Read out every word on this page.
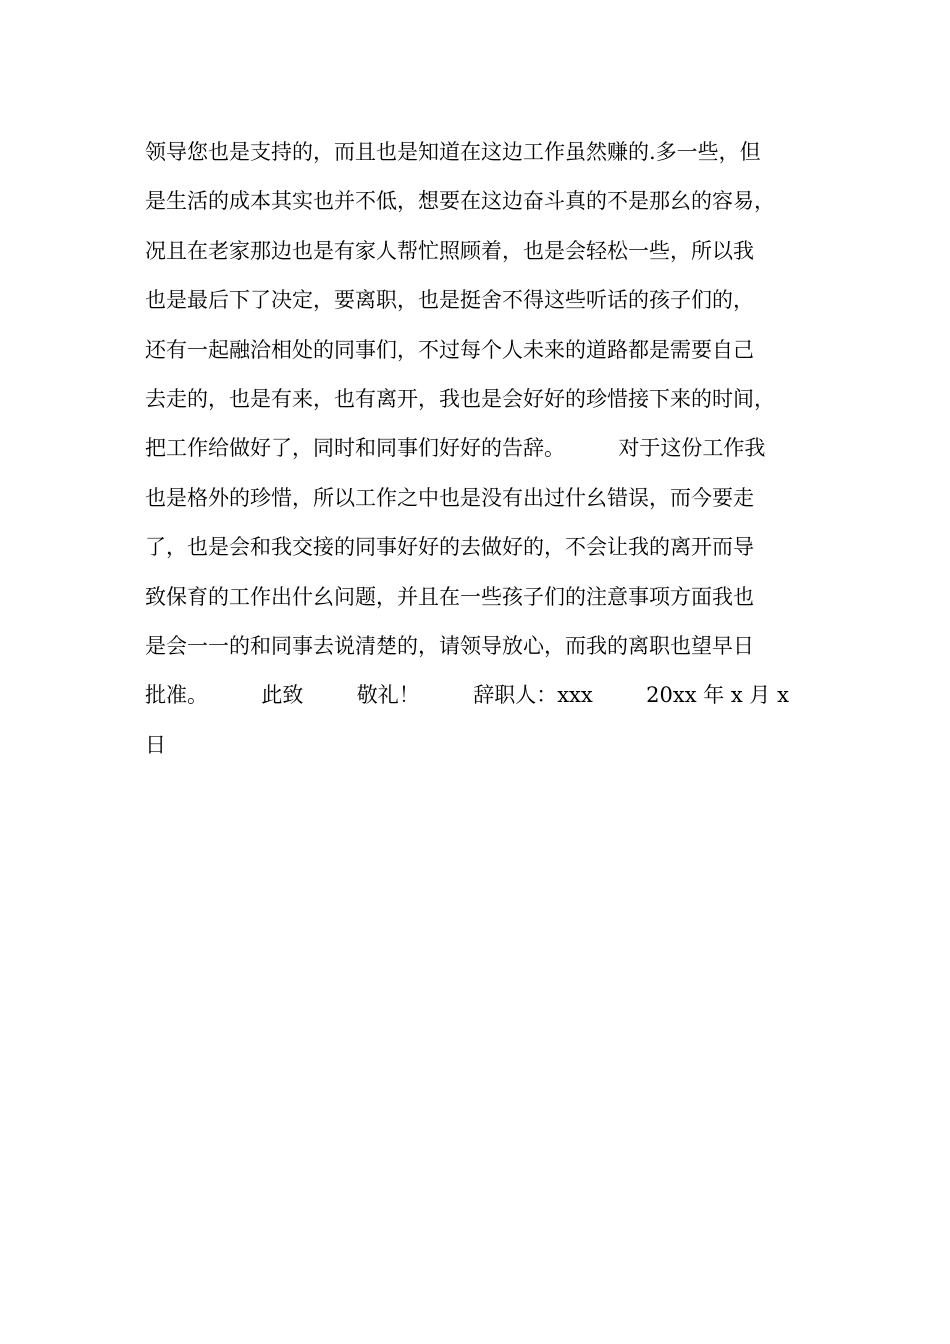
领导您也是支持的，而且也是知道在这边工作虽然赚的.多一些，但
是生活的成本其实也并不低，想要在这边奋斗真的不是那幺的容易，
况且在老家那边也是有家人帮忙照顾着，也是会轻松一些，所以我
也是最后下了决定，要离职，也是挺舍不得这些听话的孩子们的，
还有一起融洽相处的同事们，不过每个人未来的道路都是需要自己
去走的，也是有来，也有离开，我也是会好好的珍惜接下来的时间，
把工作给做好了，同时和同事们好好的告辞。        对于这份工作我
也是格外的珍惜，所以工作之中也是没有出过什幺错误，而今要走
了，也是会和我交接的同事好好的去做好的，不会让我的离开而导
致保育的工作出什幺问题，并且在一些孩子们的注意事项方面我也
是会一一的和同事去说清楚的，请领导放心，而我的离职也望早日
批准。        此致        敬礼！        辞职人：xxx        20xx 年 x 月 x
日
